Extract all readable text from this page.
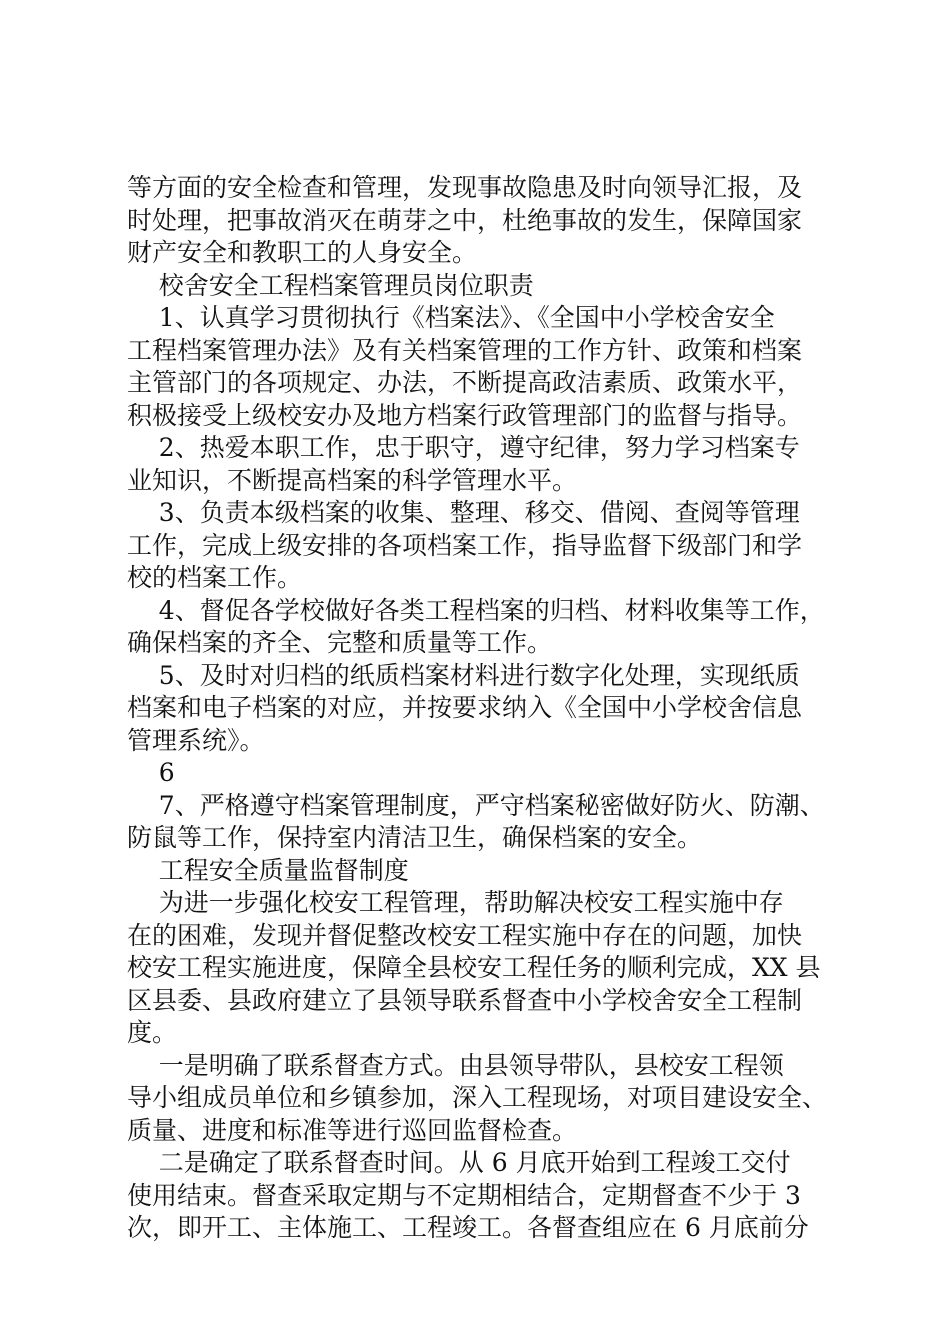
等方面的安全检查和管理，发现事故隐患及时向领导汇报，及
时处理，把事故消灭在萌芽之中，杜绝事故的发生，保障国家
财产安全和教职工的人身安全。
校舍安全工程档案管理员岗位职责
1、认真学习贯彻执行《档案法》、《全国中小学校舍安全
工程档案管理办法》及有关档案管理的工作方针、政策和档案
主管部门的各项规定、办法，不断提高政洁素质、政策水平，
积极接受上级校安办及地方档案行政管理部门的监督与指导。
2、热爱本职工作，忠于职守，遵守纪律，努力学习档案专
业知识，不断提高档案的科学管理水平。
3、负责本级档案的收集、整理、移交、借阅、查阅等管理
工作，完成上级安排的各项档案工作，指导监督下级部门和学
校的档案工作。
4、督促各学校做好各类工程档案的归档、材料收集等工作，
确保档案的齐全、完整和质量等工作。
5、及时对归档的纸质档案材料进行数字化处理，实现纸质
档案和电子档案的对应，并按要求纳入《全国中小学校舍信息
管理系统》。
6
7、严格遵守档案管理制度，严守档案秘密做好防火、防潮、
防鼠等工作，保持室内清洁卫生，确保档案的安全。
工程安全质量监督制度
为进一步强化校安工程管理，帮助解决校安工程实施中存
在的困难，发现并督促整改校安工程实施中存在的问题，加快
校安工程实施进度，保障全县校安工程任务的顺利完成，XX 县
区县委、县政府建立了县领导联系督查中小学校舍安全工程制
度。
一是明确了联系督查方式。由县领导带队，县校安工程领
导小组成员单位和乡镇参加，深入工程现场，对项目建设安全、
质量、进度和标准等进行巡回监督检查。
二是确定了联系督查时间。从 6 月底开始到工程竣工交付
使用结束。督查采取定期与不定期相结合，定期督查不少于 3
次，即开工、主体施工、工程竣工。各督查组应在 6 月底前分
